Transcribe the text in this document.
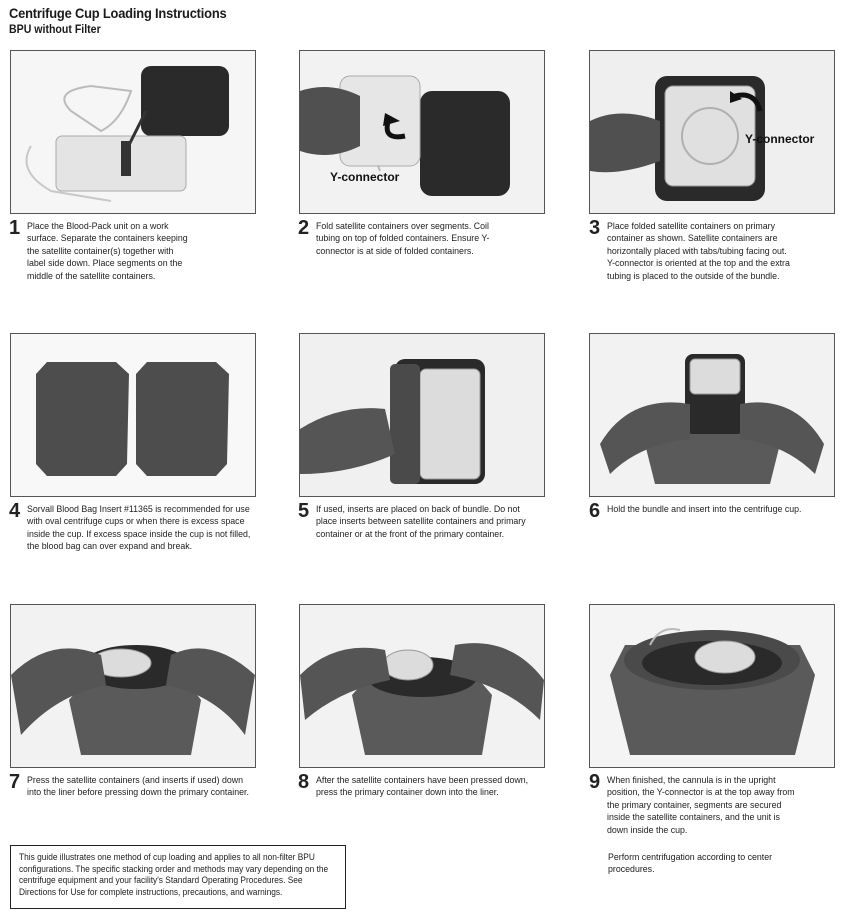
Centrifuge Cup Loading Instructions
BPU without Filter
1 Place the Blood-Pack unit on a work surface. Separate the containers keeping the satellite container(s) together with label side down. Place segments on the middle of the satellite containers.
Y-connector
2 Fold satellite containers over segments. Coil tubing on top of folded containers. Ensure Y-connector is at side of folded containers.
Y-connector
3 Place folded satellite containers on primary container as shown. Satellite containers are horizontally placed with tabs/tubing facing out. Y-connector is oriented at the top and the extra tubing is placed to the outside of the bundle.
4 Sorvall Blood Bag Insert #11365 is recommended for use with oval centrifuge cups or when there is excess space inside the cup. If excess space inside the cup is not filled, the blood bag can over expand and break.
5 If used, inserts are placed on back of bundle. Do not place inserts between satellite containers and primary container or at the front of the primary container.
6 Hold the bundle and insert into the centrifuge cup.
7 Press the satellite containers (and inserts if used) down into the liner before pressing down the primary container. 8 After the satellite containers have been pressed down, press the primary container down into the liner.	9 When finished, the cannula is in the upright position, the Y-connector is at the top away from the primary container, segments are secured inside the satellite containers, and the unit is down inside the cup.
Perform centrifugation according to center procedures.
This guide illustrates one method of cup loading and applies to all non-filter BPU configurations. The specific stacking order and methods may vary depending on the centrifuge equipment and your facility's Standard Operating Procedures. See Directions for Use for complete instructions, precautions, and warnings.
